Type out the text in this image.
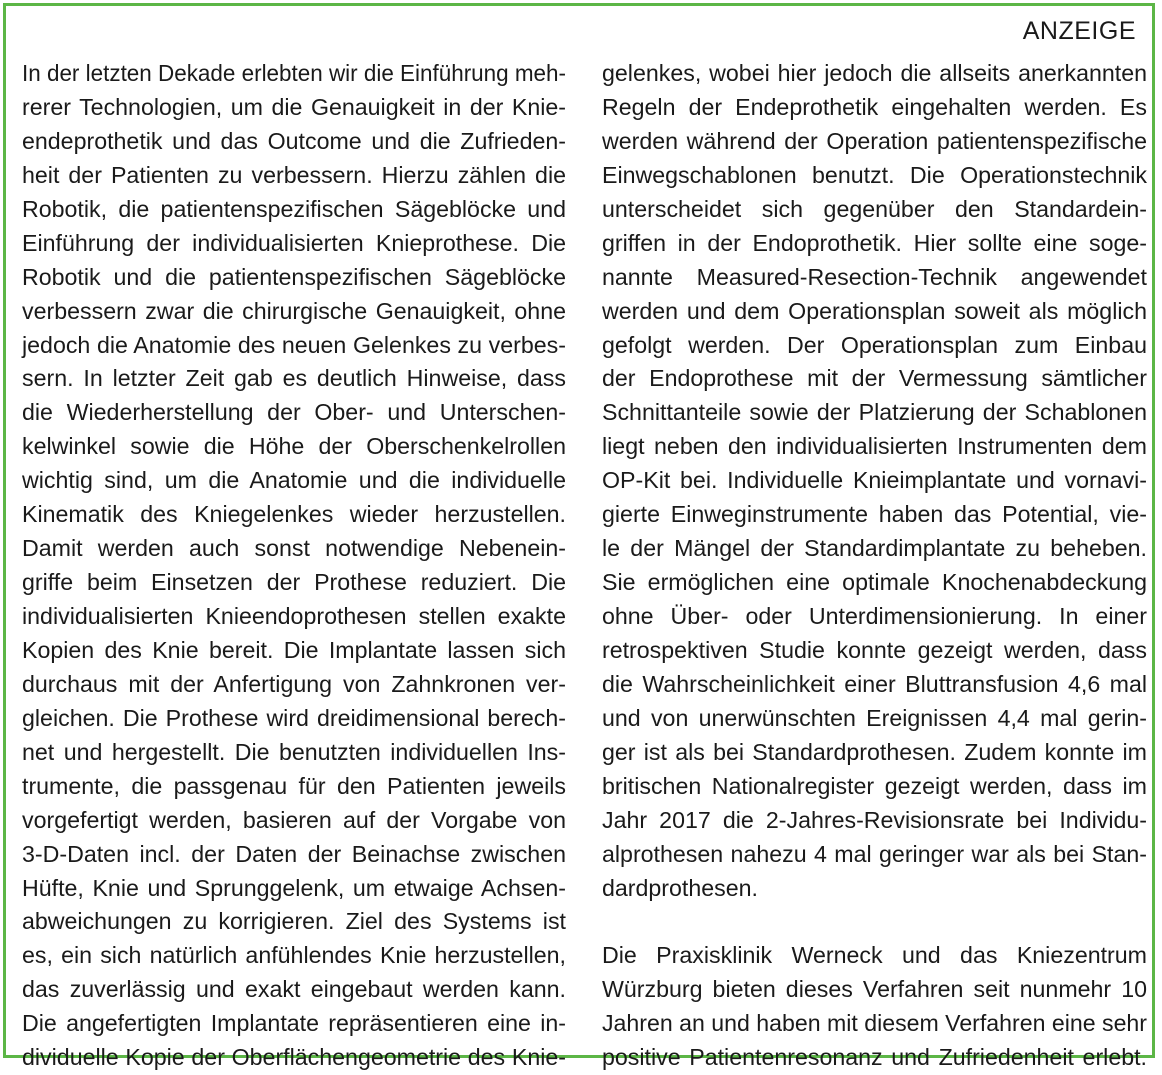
ANZEIGE
In der letzten Dekade erlebten wir die Einführung meh-
rerer Technologien, um die Genauigkeit in der Knie-
endeprothetik und das Outcome und die Zufrieden-
heit der Patienten zu verbessern. Hierzu zählen die
Robotik, die patientenspezifischen Sägeblöcke und
Einführung der individualisierten Knieprothese. Die
Robotik und die patientenspezifischen Sägeblöcke
verbessern zwar die chirurgische Genauigkeit, ohne
jedoch die Anatomie des neuen Gelenkes zu verbes-
sern. In letzter Zeit gab es deutlich Hinweise, dass
die Wiederherstellung der Ober- und Unterschen-
kelwinkel sowie die Höhe der Oberschenkelrollen
wichtig sind, um die Anatomie und die individuelle
Kinematik des Kniegelenkes wieder herzustellen.
Damit werden auch sonst notwendige Nebenein-
griffe beim Einsetzen der Prothese reduziert. Die
individualisierten Knieendoprothesen stellen exakte
Kopien des Knie bereit. Die Implantate lassen sich
durchaus mit der Anfertigung von Zahnkronen ver-
gleichen. Die Prothese wird dreidimensional berech-
net und hergestellt. Die benutzten individuellen Ins-
trumente, die passgenau für den Patienten jeweils
vorgefertigt werden, basieren auf der Vorgabe von
3-D-Daten incl. der Daten der Beinachse zwischen
Hüfte, Knie und Sprunggelenk, um etwaige Achsen-
abweichungen zu korrigieren. Ziel des Systems ist
es, ein sich natürlich anfühlendes Knie herzustellen,
das zuverlässig und exakt eingebaut werden kann.
Die angefertigten Implantate repräsentieren eine in-
dividuelle Kopie der Oberflächengeometrie des Knie-
gelenkes, wobei hier jedoch die allseits anerkannten
Regeln der Endeprothetik eingehalten werden. Es
werden während der Operation patientenspezifische
Einwegschablonen benutzt. Die Operationstechnik
unterscheidet sich gegenüber den Standardein-
griffen in der Endoprothetik. Hier sollte eine soge-
nannte Measured-Resection-Technik angewendet
werden und dem Operationsplan soweit als möglich
gefolgt werden. Der Operationsplan zum Einbau
der Endoprothese mit der Vermessung sämtlicher
Schnittanteile sowie der Platzierung der Schablonen
liegt neben den individualisierten Instrumenten dem
OP-Kit bei. Individuelle Knieimplantate und vornavi-
gierte Einweginstrumente haben das Potential, vie-
le der Mängel der Standardimplantate zu beheben.
Sie ermöglichen eine optimale Knochenabdeckung
ohne Über- oder Unterdimensionierung. In einer
retrospektiven Studie konnte gezeigt werden, dass
die Wahrscheinlichkeit einer Bluttransfusion 4,6 mal
und von unerwünschten Ereignissen 4,4 mal gerin-
ger ist als bei Standardprothesen. Zudem konnte im
britischen Nationalregister gezeigt werden, dass im
Jahr 2017 die 2-Jahres-Revisionsrate bei Individu-
alprothesen nahezu 4 mal geringer war als bei Stan-
dardprothesen.
Die Praxisklinik Werneck und das Kniezentrum
Würzburg bieten dieses Verfahren seit nunmehr 10
Jahren an und haben mit diesem Verfahren eine sehr
positive Patientenresonanz und Zufriedenheit erlebt.
